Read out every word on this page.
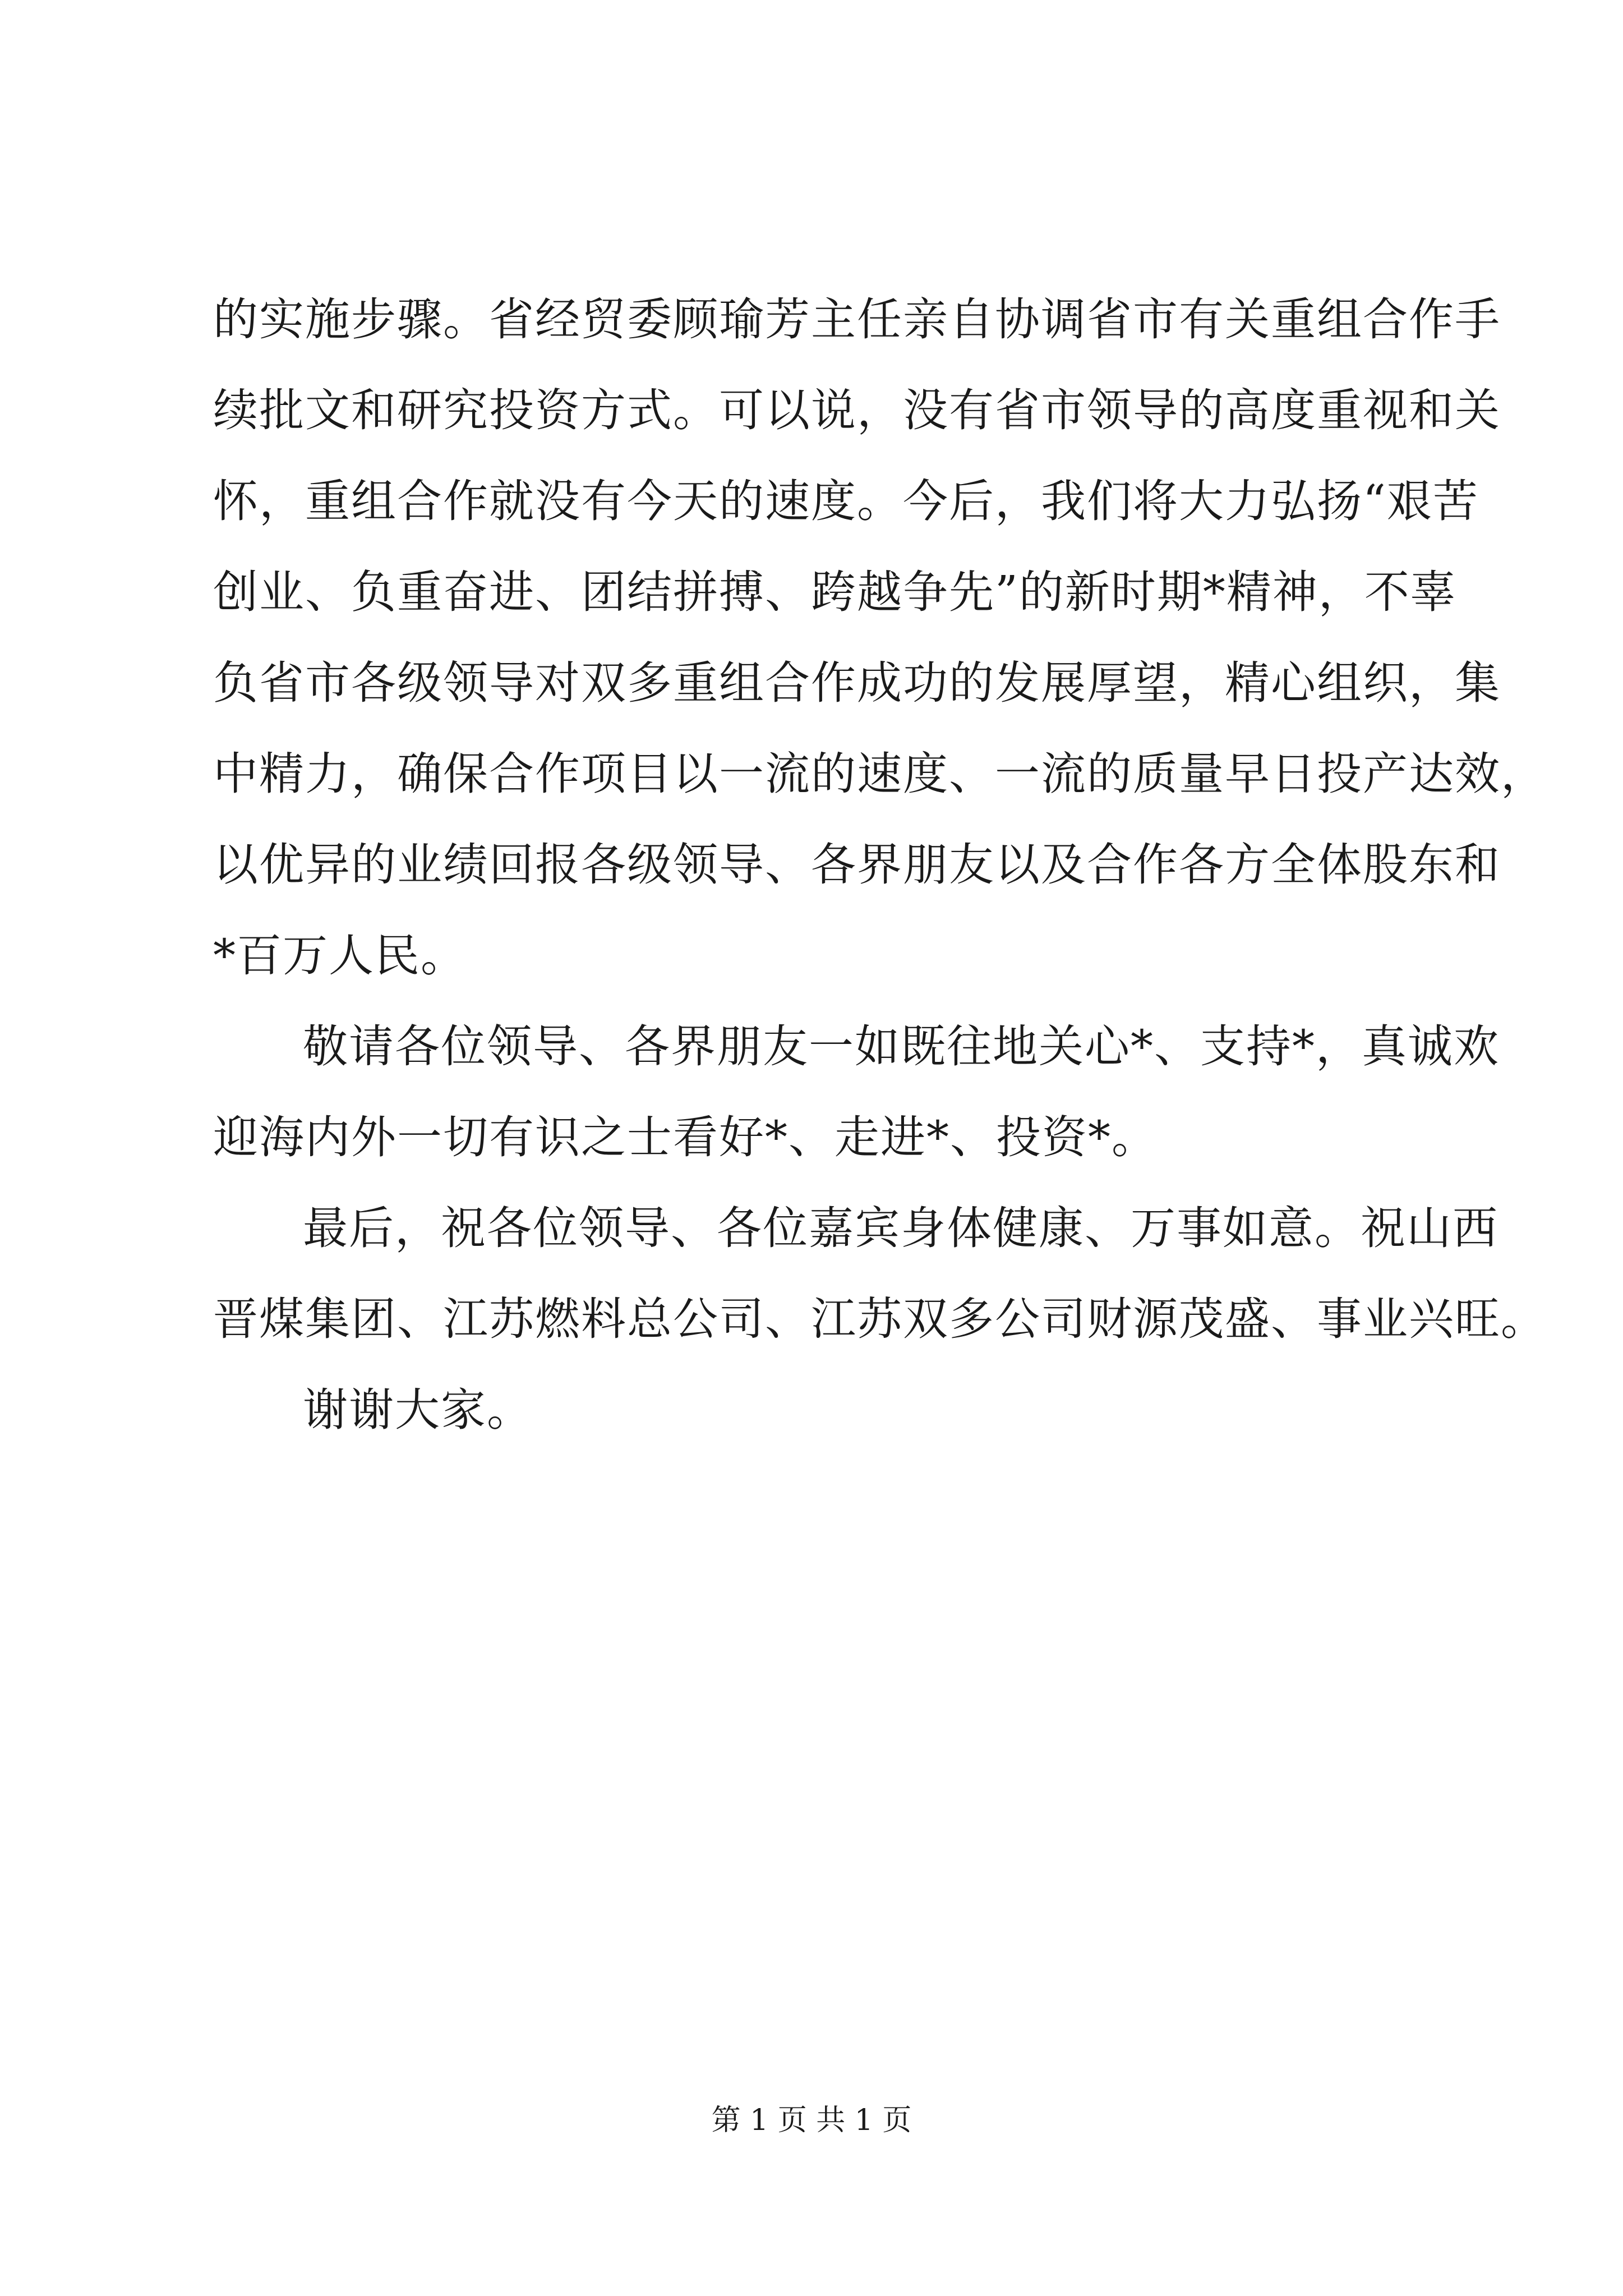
的实施步骤。省经贸委顾瑜芳主任亲自协调省市有关重组合作手
续批文和研究投资方式。可以说，没有省市领导的高度重视和关
怀，重组合作就没有今天的速度。今后，我们将大力弘扬“艰苦
创业、负重奋进、团结拼搏、跨越争先”的新时期*精神，不辜
负省市各级领导对双多重组合作成功的发展厚望，精心组织，集
中精力，确保合作项目以一流的速度、一流的质量早日投产达效，
以优异的业绩回报各级领导、各界朋友以及合作各方全体股东和
*百万人民。
敬请各位领导、各界朋友一如既往地关心*、支持*，真诚欢
迎海内外一切有识之士看好*、走进*、投资*。
最后，祝各位领导、各位嘉宾身体健康、万事如意。祝山西
晋煤集团、江苏燃料总公司、江苏双多公司财源茂盛、事业兴旺。
谢谢大家。
第 1 页 共 1 页
